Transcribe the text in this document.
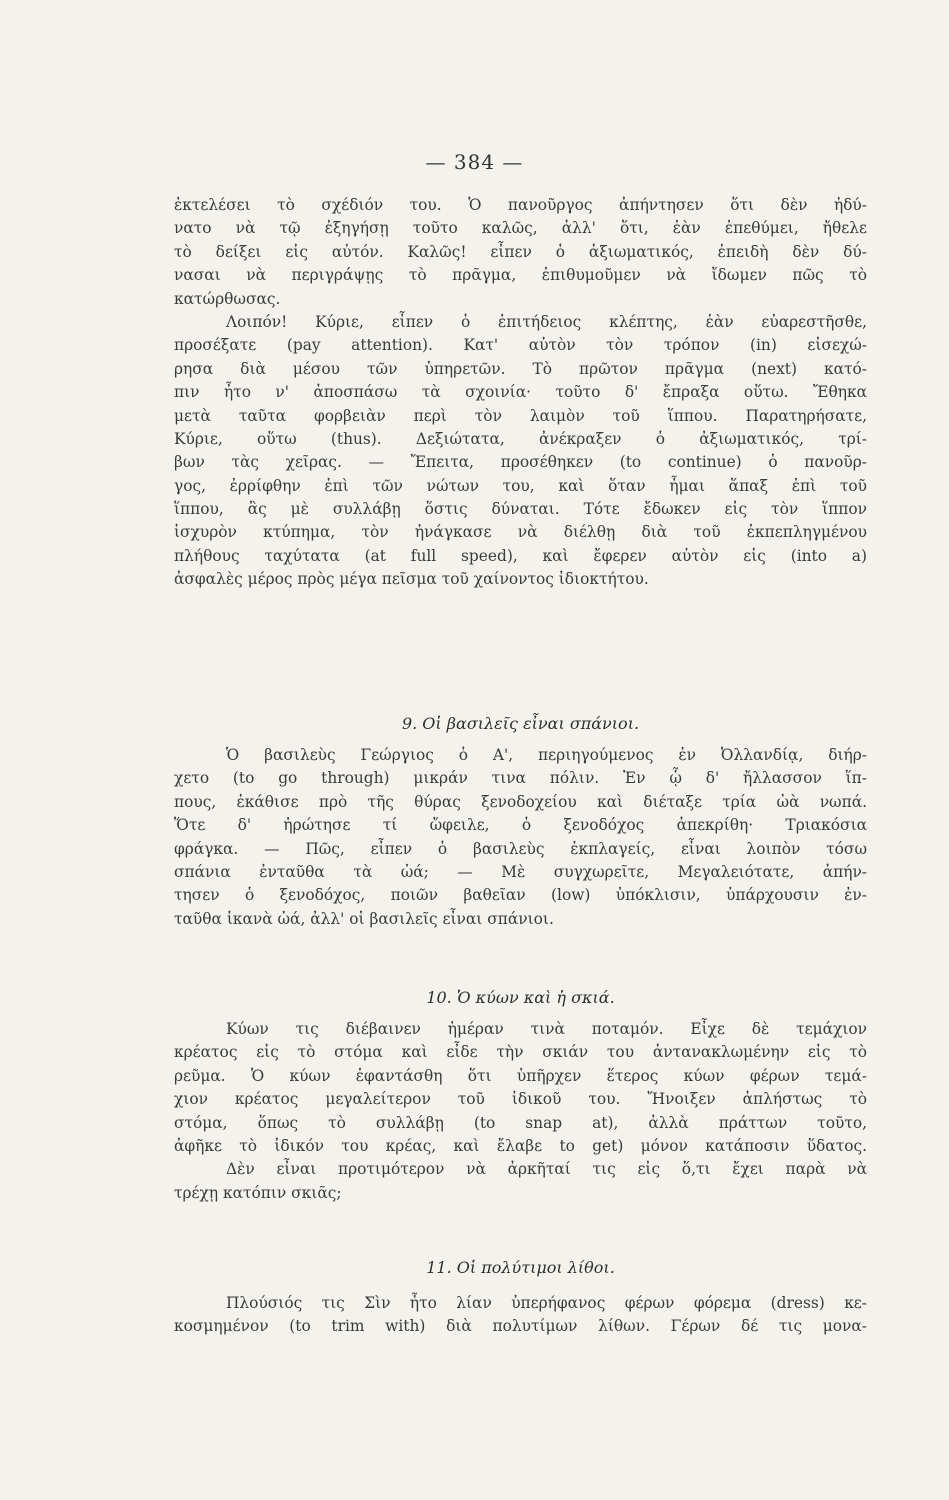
— 384 —
ἐκτελέσει τὸ σχέδιόν του. Ὁ πανοῦργος ἀπήντησεν ὅτι δὲν ἠδύ-
νατο νὰ τῷ ἐξηγήσῃ τοῦτο καλῶς, ἀλλ' ὅτι, ἐὰν ἐπεθύμει, ἤθελε
τὸ δείξει εἰς αὐτόν. Καλῶς! εἶπεν ὁ ἀξιωματικός, ἐπειδὴ δὲν δύ-
νασαι νὰ περιγράψῃς τὸ πρᾶγμα, ἐπιθυμοῦμεν νὰ ἴδωμεν πῶς τὸ
κατώρθωσας.
Λοιπόν! Κύριε, εἶπεν ὁ ἐπιτήδειος κλέπτης, ἐὰν εὐαρεστῆσθε,
προσέξατε (pay attention). Κατ' αὐτὸν τὸν τρόπον (in) εἰσεχώ-
ρησα διὰ μέσου τῶν ὑπηρετῶν. Τὸ πρῶτον πρᾶγμα (next) κατό-
πιν ἦτο ν' ἀποσπάσω τὰ σχοινία· τοῦτο δ' ἔπραξα οὕτω. Ἔθηκα
μετὰ ταῦτα φορβειὰν περὶ τὸν λαιμὸν τοῦ ἵππου. Παρατηρήσατε,
Κύριε, οὕτω (thus). Δεξιώτατα, ἀνέκραξεν ὁ ἀξιωματικός, τρί-
βων τὰς χεῖρας. — Ἔπειτα, προσέθηκεν (to continue) ὁ πανοῦρ-
γος, ἐρρίφθην ἐπὶ τῶν νώτων του, καὶ ὅταν ἦμαι ἅπαξ ἐπὶ τοῦ
ἵππου, ἂς μὲ συλλάβῃ ὅστις δύναται. Τότε ἔδωκεν εἰς τὸν ἵππον
ἰσχυρὸν κτύπημα, τὸν ἠνάγκασε νὰ διέλθῃ διὰ τοῦ ἐκπεπληγμένου
πλήθους ταχύτατα (at full speed), καὶ ἔφερεν αὐτὸν εἰς (into a)
ἀσφαλὲς μέρος πρὸς μέγα πεῖσμα τοῦ χαίνοντος ἰδιοκτήτου.
9. Οἱ βασιλεῖς εἶναι σπάνιοι.
Ὁ βασιλεὺς Γεώργιος ὁ Α', περιηγούμενος ἐν Ὀλλανδίᾳ, διήρ-
χετο (to go through) μικράν τινα πόλιν. Ἐν ᾧ δ' ἤλλασσον ἵπ-
πους, ἐκάθισε πρὸ τῆς θύρας ξενοδοχείου καὶ διέταξε τρία ὠὰ νωπά.
Ὅτε δ' ἠρώτησε τί ὤφειλε, ὁ ξενοδόχος ἀπεκρίθη· Τριακόσια
φράγκα. — Πῶς, εἶπεν ὁ βασιλεὺς ἐκπλαγείς, εἶναι λοιπὸν τόσω
σπάνια ἐνταῦθα τὰ ὠά; — Μὲ συγχωρεῖτε, Μεγαλειότατε, ἀπήν-
τησεν ὁ ξενοδόχος, ποιῶν βαθεῖαν (low) ὑπόκλισιν, ὑπάρχουσιν ἐν-
ταῦθα ἱκανὰ ὠά, ἀλλ' οἱ βασιλεῖς εἶναι σπάνιοι.
10. Ὁ κύων καὶ ἡ σκιά.
Κύων τις διέβαινεν ἡμέραν τινὰ ποταμόν. Εἶχε δὲ τεμάχιον
κρέατος εἰς τὸ στόμα καὶ εἶδε τὴν σκιάν του ἀντανακλωμένην εἰς τὸ
ρεῦμα. Ὁ κύων ἐφαντάσθη ὅτι ὑπῆρχεν ἕτερος κύων φέρων τεμά-
χιον κρέατος μεγαλείτερον τοῦ ἰδικοῦ του. Ἤνοιξεν ἀπλήστως τὸ
στόμα, ὅπως τὸ συλλάβῃ (to snap at), ἀλλὰ πράττων τοῦτο,
ἀφῆκε τὸ ἰδικόν του κρέας, καὶ ἔλαβε to get) μόνον κατάποσιν ὕδατος.
Δὲν εἶναι προτιμότερον νὰ ἀρκῆταί τις εἰς ὅ,τι ἔχει παρὰ νὰ
τρέχῃ κατόπιν σκιᾶς;
11. Οἱ πολύτιμοι λίθοι.
Πλούσιός τις Σὶν ἦτο λίαν ὑπερήφανος φέρων φόρεμα (dress) κε-
κοσμημένον (to trim with) διὰ πολυτίμων λίθων. Γέρων δέ τις μονα-
